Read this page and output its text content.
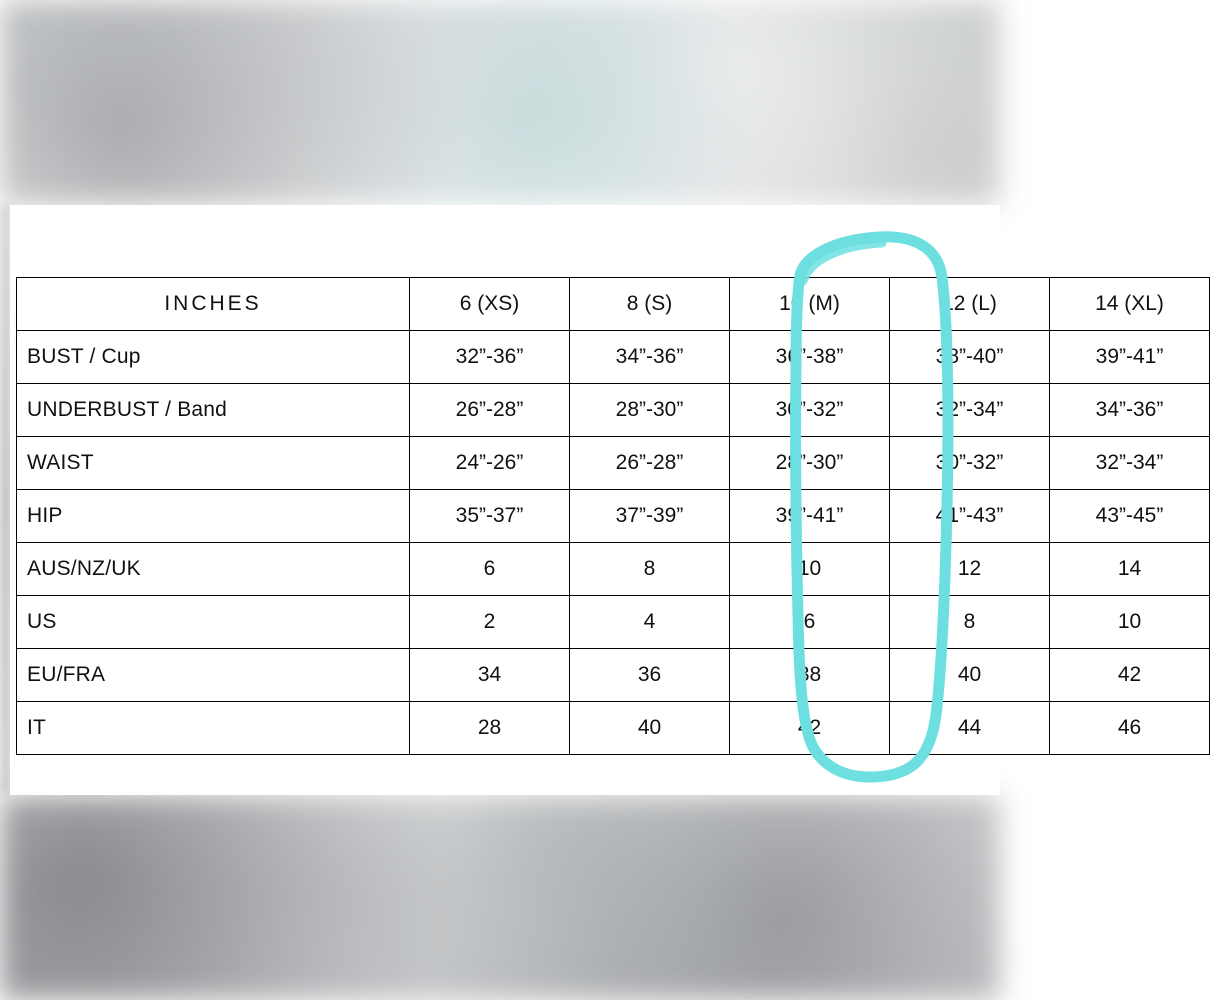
INCHES	6 (XS)	8 (S)	10 (M)	12 (L)	14 (XL)
BUST / Cup	32”-36”	34”-36”	36”-38”	38”-40”	39”-41”
UNDERBUST / Band	26”-28”	28”-30”	30”-32”	32”-34”	34”-36”
WAIST	24”-26”	26”-28”	28”-30”	30”-32”	32”-34”
HIP	35”-37”	37”-39”	39”-41”	41”-43”	43”-45”
AUS/NZ/UK	6	8	10	12	14
US	2	4	6	8	10
EU/FRA	34	36	38	40	42
IT	28	40	42	44	46
